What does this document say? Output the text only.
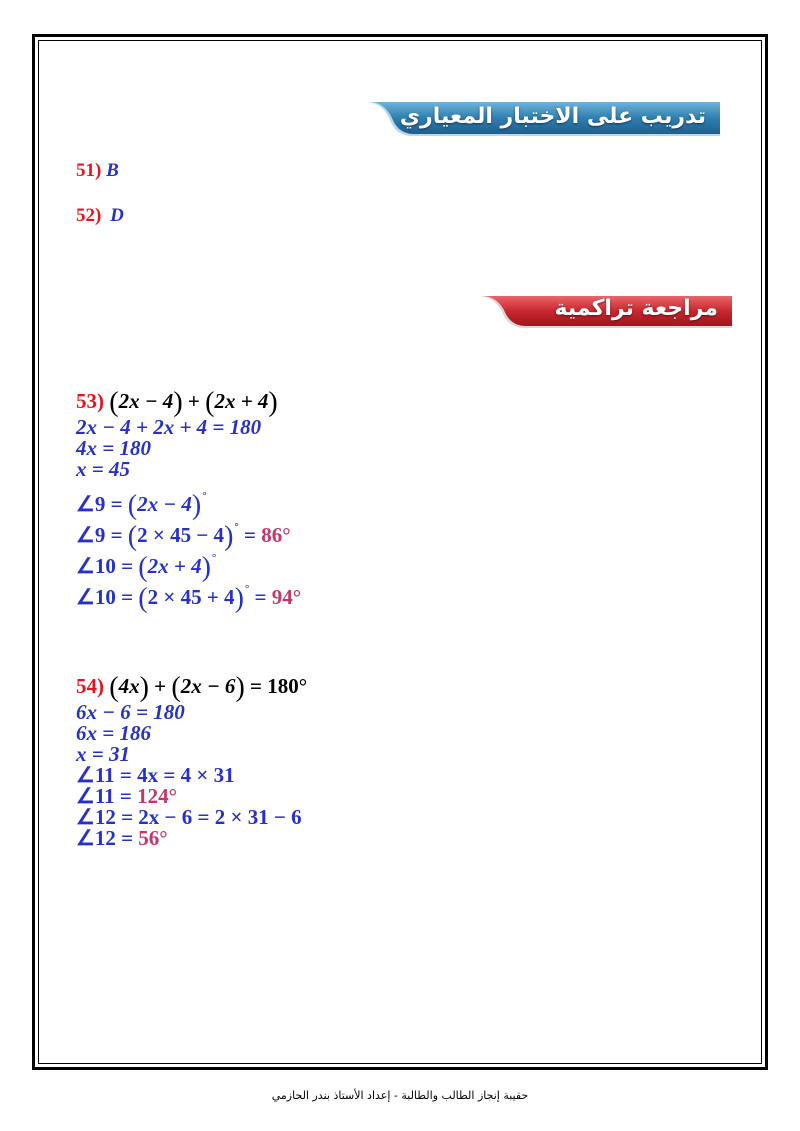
تدريب على الاختبار المعياري
51) B
52) D
مراجعة تراكمية
53) (2x − 4) + (2x + 4)
2x − 4 + 2x + 4 = 180
4x = 180
x = 45
∠9 = (2x − 4)°
∠9 = (2 × 45 − 4)° = 86°
∠10 = (2x + 4)°
∠10 = (2 × 45 + 4)° = 94°
54) (4x) + (2x − 6) = 180°
6x − 6 = 180
6x = 186
x = 31
∠11 = 4x = 4 × 31
∠11 = 124°
∠12 = 2x − 6 = 2 × 31 − 6
∠12 = 56°
حقيبة إنجاز الطالب والطالبة - إعداد الأستاذ بندر الحازمي
